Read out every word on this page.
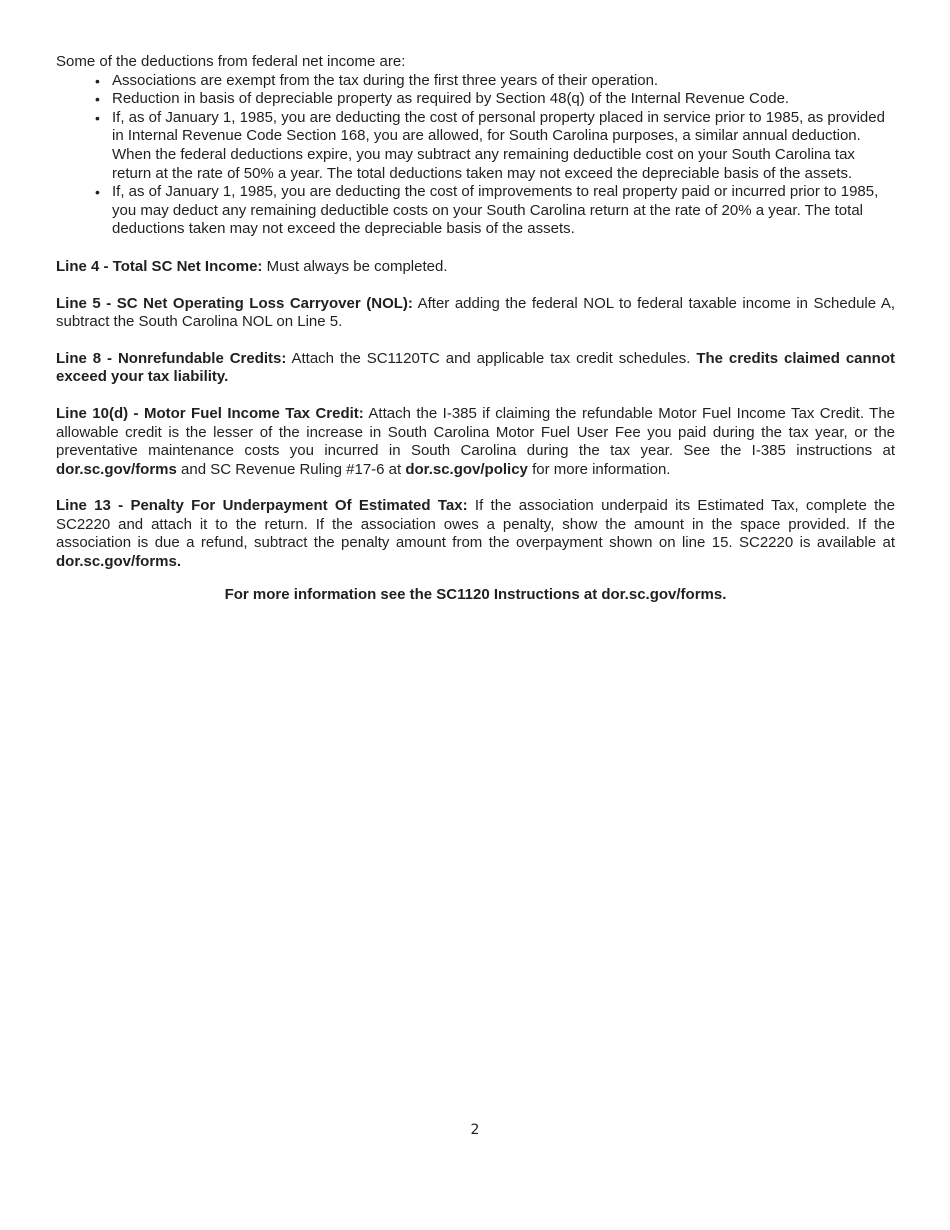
Some of the deductions from federal net income are:

• Associations are exempt from the tax during the first three years of their operation.
• Reduction in basis of depreciable property as required by Section 48(q) of the Internal Revenue Code.
• If, as of January 1, 1985, you are deducting the cost of personal property placed in service prior to 1985, as provided in Internal Revenue Code Section 168, you are allowed, for South Carolina purposes, a similar annual deduction. When the federal deductions expire, you may subtract any remaining deductible cost on your South Carolina tax return at the rate of 50% a year. The total deductions taken may not exceed the depreciable basis of the assets.
• If, as of January 1, 1985, you are deducting the cost of improvements to real property paid or incurred prior to 1985, you may deduct any remaining deductible costs on your South Carolina return at the rate of 20% a year. The total deductions taken may not exceed the depreciable basis of the assets.

Line 4 - Total SC Net Income: Must always be completed.

Line 5 - SC Net Operating Loss Carryover (NOL): After adding the federal NOL to federal taxable income in Schedule A, subtract the South Carolina NOL on Line 5.

Line 8 - Nonrefundable Credits: Attach the SC1120TC and applicable tax credit schedules. The credits claimed cannot exceed your tax liability.

Line 10(d) - Motor Fuel Income Tax Credit: Attach the I-385 if claiming the refundable Motor Fuel Income Tax Credit. The allowable credit is the lesser of the increase in South Carolina Motor Fuel User Fee you paid during the tax year, or the preventative maintenance costs you incurred in South Carolina during the tax year. See the I-385 instructions at dor.sc.gov/forms and SC Revenue Ruling #17-6 at dor.sc.gov/policy for more information.

Line 13 - Penalty For Underpayment Of Estimated Tax: If the association underpaid its Estimated Tax, complete the SC2220 and attach it to the return. If the association owes a penalty, show the amount in the space provided. If the association is due a refund, subtract the penalty amount from the overpayment shown on line 15. SC2220 is available at dor.sc.gov/forms.

For more information see the SC1120 Instructions at dor.sc.gov/forms.

2
